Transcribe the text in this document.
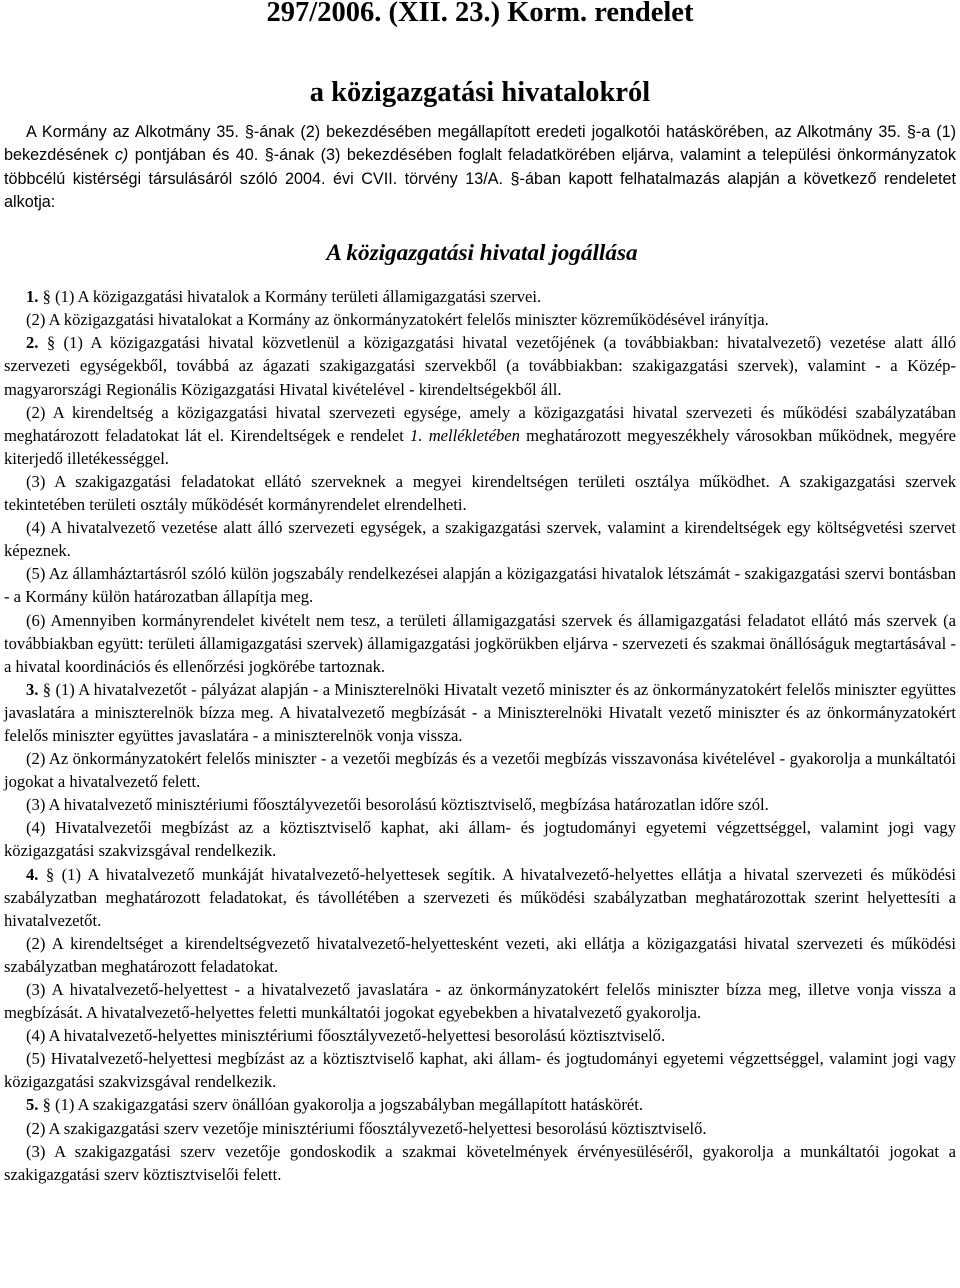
297/2006. (XII. 23.) Korm. rendelet
a közigazgatási hivatalokról

A Kormány az Alkotmány 35. §-ának (2) bekezdésében megállapított eredeti jogalkotói hatáskörében, az Alkotmány 35. §-a (1) bekezdésének c) pontjában és 40. §-ának (3) bekezdésében foglalt feladatkörében eljárva, valamint a települési önkormányzatok többcélú kistérségi társulásáról szóló 2004. évi CVII. törvény 13/A. §-ában kapott felhatalmazás alapján a következő rendeletet alkotja:

A közigazgatási hivatal jogállása

1. § (1) A közigazgatási hivatalok a Kormány területi államigazgatási szervei.

(2) A közigazgatási hivatalokat a Kormány az önkormányzatokért felelős miniszter közreműködésével irányítja.

2. § (1) A közigazgatási hivatal közvetlenül a közigazgatási hivatal vezetőjének (a továbbiakban: hivatalvezető) vezetése alatt álló szervezeti egységekből, továbbá az ágazati szakigazgatási szervekből (a továbbiakban: szakigazgatási szervek), valamint - a Közép-magyarországi Regionális Közigazgatási Hivatal kivételével - kirendeltségekből áll.

(2) A kirendeltség a közigazgatási hivatal szervezeti egysége, amely a közigazgatási hivatal szervezeti és működési szabályzatában meghatározott feladatokat lát el. Kirendeltségek e rendelet 1. mellékletében meghatározott megyeszékhely városokban működnek, megyére kiterjedő illetékességgel.

(3) A szakigazgatási feladatokat ellátó szerveknek a megyei kirendeltségen területi osztálya működhet. A szakigazgatási szervek tekintetében területi osztály működését kormányrendelet elrendelheti.

(4) A hivatalvezető vezetése alatt álló szervezeti egységek, a szakigazgatási szervek, valamint a kirendeltségek egy költségvetési szervet képeznek.

(5) Az államháztartásról szóló külön jogszabály rendelkezései alapján a közigazgatási hivatalok létszámát - szakigazgatási szervi bontásban - a Kormány külön határozatban állapítja meg.

(6) Amennyiben kormányrendelet kivételt nem tesz, a területi államigazgatási szervek és államigazgatási feladatot ellátó más szervek (a továbbiakban együtt: területi államigazgatási szervek) államigazgatási jogkörükben eljárva - szervezeti és szakmai önállóságuk megtartásával - a hivatal koordinációs és ellenőrzési jogkörébe tartoznak.

3. § (1) A hivatalvezetőt - pályázat alapján - a Miniszterelnöki Hivatalt vezető miniszter és az önkormányzatokért felelős miniszter együttes javaslatára a miniszterelnök bízza meg. A hivatalvezető megbízását - a Miniszterelnöki Hivatalt vezető miniszter és az önkormányzatokért felelős miniszter együttes javaslatára - a miniszterelnök vonja vissza.

(2) Az önkormányzatokért felelős miniszter - a vezetői megbízás és a vezetői megbízás visszavonása kivételével - gyakorolja a munkáltatói jogokat a hivatalvezető felett.

(3) A hivatalvezető minisztériumi főosztályvezetői besorolású köztisztviselő, megbízása határozatlan időre szól.

(4) Hivatalvezetői megbízást az a köztisztviselő kaphat, aki állam- és jogtudományi egyetemi végzettséggel, valamint jogi vagy közigazgatási szakvizsgával rendelkezik.

4. § (1) A hivatalvezető munkáját hivatalvezető-helyettesek segítik. A hivatalvezető-helyettes ellátja a hivatal szervezeti és működési szabályzatban meghatározott feladatokat, és távollétében a szervezeti és működési szabályzatban meghatározottak szerint helyettesíti a hivatalvezetőt.

(2) A kirendeltséget a kirendeltségvezető hivatalvezető-helyettesként vezeti, aki ellátja a közigazgatási hivatal szervezeti és működési szabályzatban meghatározott feladatokat.

(3) A hivatalvezető-helyettest - a hivatalvezető javaslatára - az önkormányzatokért felelős miniszter bízza meg, illetve vonja vissza a megbízását. A hivatalvezető-helyettes feletti munkáltatói jogokat egyebekben a hivatalvezető gyakorolja.

(4) A hivatalvezető-helyettes minisztériumi főosztályvezető-helyettesi besorolású köztisztviselő.

(5) Hivatalvezető-helyettesi megbízást az a köztisztviselő kaphat, aki állam- és jogtudományi egyetemi végzettséggel, valamint jogi vagy közigazgatási szakvizsgával rendelkezik.

5. § (1) A szakigazgatási szerv önállóan gyakorolja a jogszabályban megállapított hatáskörét.

(2) A szakigazgatási szerv vezetője minisztériumi főosztályvezető-helyettesi besorolású köztisztviselő.

(3) A szakigazgatási szerv vezetője gondoskodik a szakmai követelmények érvényesüléséről, gyakorolja a munkáltatói jogokat a szakigazgatási szerv köztisztviselői felett.
